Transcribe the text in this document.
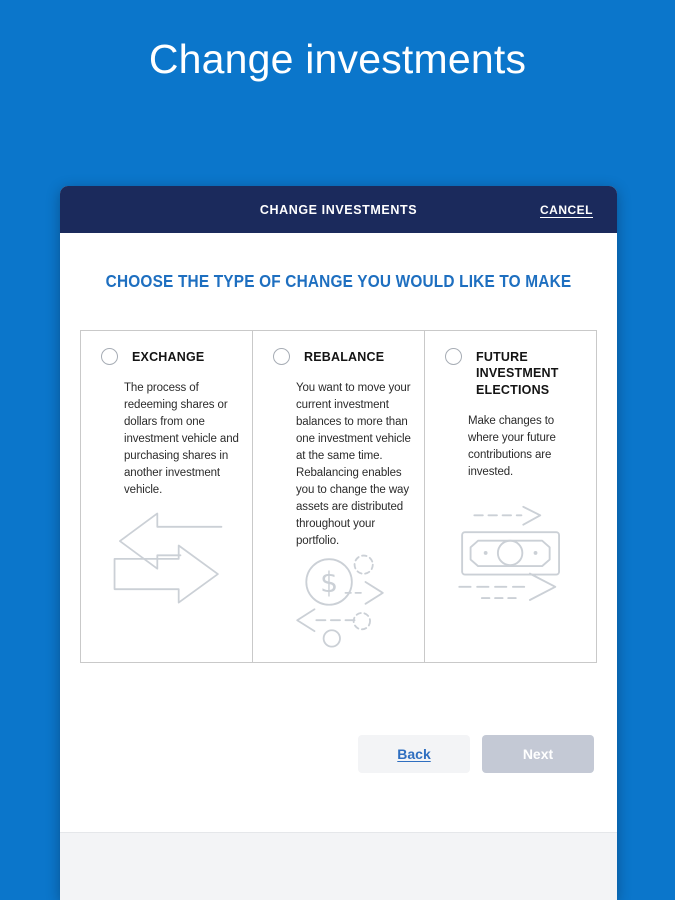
Change investments
CHANGE INVESTMENTS	CANCEL
CHOOSE THE TYPE OF CHANGE YOU WOULD LIKE TO MAKE
EXCHANGE
The process of redeeming shares or dollars from one investment vehicle and purchasing shares in another investment vehicle.
REBALANCE
You want to move your current investment balances to more than one investment vehicle at the same time. Rebalancing enables you to change the way assets are distributed throughout your portfolio.
$
FUTURE INVESTMENT ELECTIONS
Make changes to where your future contributions are invested.
Back	Next
